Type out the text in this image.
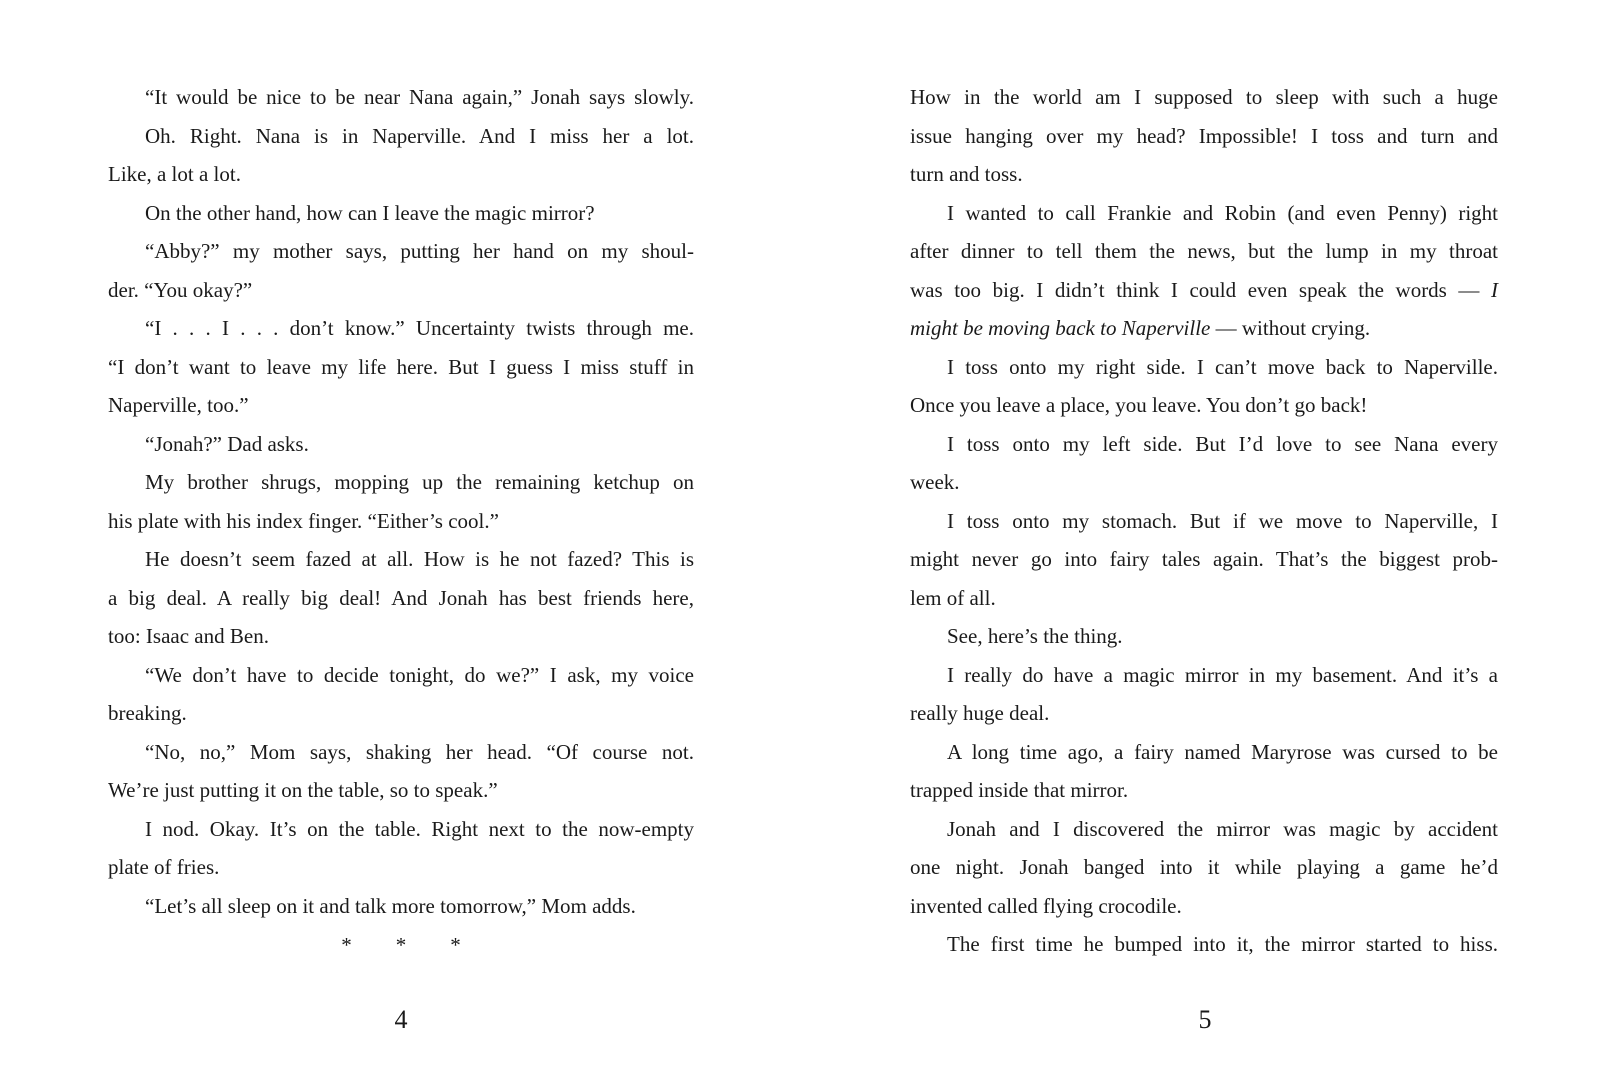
“It would be nice to be near Nana again,” Jonah says slowly.
Oh. Right. Nana is in Naperville. And I miss her a lot.
Like, a lot a lot.
On the other hand, how can I leave the magic mirror?
“Abby?” my mother says, putting her hand on my shoul-
der. “You okay?”
“I . . . I . . . don’t know.” Uncertainty twists through me.
“I don’t want to leave my life here. But I guess I miss stuff in
Naperville, too.”
“Jonah?” Dad asks.
My brother shrugs, mopping up the remaining ketchup on
his plate with his index finger. “Either’s cool.”
He doesn’t seem fazed at all. How is he not fazed? This is
a big deal. A really big deal! And Jonah has best friends here,
too: Isaac and Ben.
“We don’t have to decide tonight, do we?” I ask, my voice
breaking.
“No, no,” Mom says, shaking her head. “Of course not.
We’re just putting it on the table, so to speak.”
I nod. Okay. It’s on the table. Right next to the now-empty
plate of fries.
“Let’s all sleep on it and talk more tomorrow,” Mom adds.
* * *
How in the world am I supposed to sleep with such a huge
issue hanging over my head? Impossible! I toss and turn and
turn and toss.
I wanted to call Frankie and Robin (and even Penny) right
after dinner to tell them the news, but the lump in my throat
was too big. I didn’t think I could even speak the words — I
might be moving back to Naperville — without crying.
I toss onto my right side. I can’t move back to Naperville.
Once you leave a place, you leave. You don’t go back!
I toss onto my left side. But I’d love to see Nana every
week.
I toss onto my stomach. But if we move to Naperville, I
might never go into fairy tales again. That’s the biggest prob-
lem of all.
See, here’s the thing.
I really do have a magic mirror in my basement. And it’s a
really huge deal.
A long time ago, a fairy named Maryrose was cursed to be
trapped inside that mirror.
Jonah and I discovered the mirror was magic by accident
one night. Jonah banged into it while playing a game he’d
invented called flying crocodile.
The first time he bumped into it, the mirror started to hiss.
4	5
